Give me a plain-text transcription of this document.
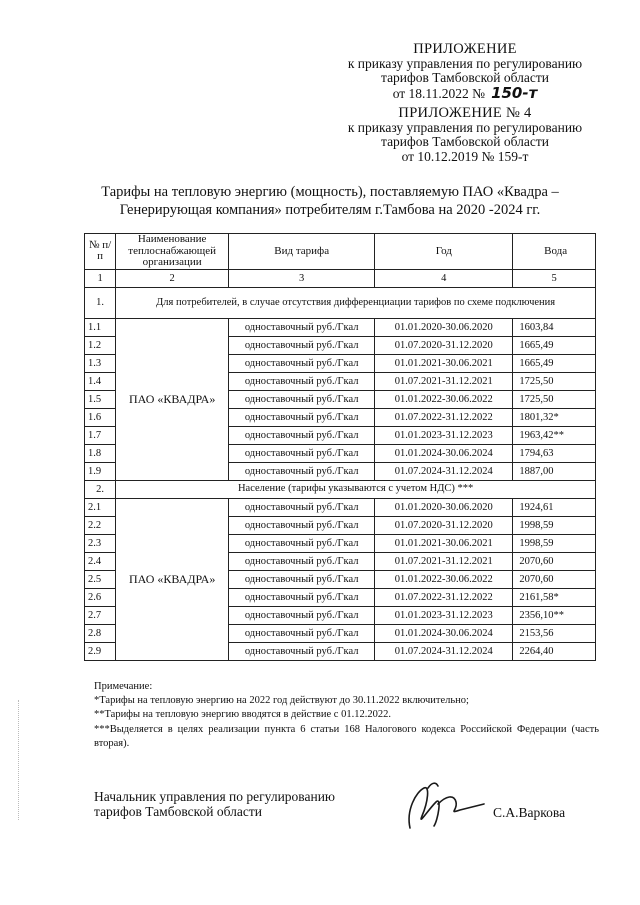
ПРИЛОЖЕНИЕ
к приказу управления по регулированию
тарифов Тамбовской области
от 18.11.2022 № 150-т
ПРИЛОЖЕНИЕ № 4
к приказу управления по регулированию
тарифов Тамбовской области
от 10.12.2019 № 159-т
Тарифы на тепловую энергию (мощность), поставляемую ПАО «Квадра –
Генерирующая компания» потребителям г.Тамбова на 2020 -2024 гг.
№ п/п	Наименование теплоснабжающей организации	Вид тарифа	Год	Вода
1	2	3	4	5
1.	Для потребителей, в случае отсутствия дифференциации тарифов по схеме подключения			
1.1	ПАО «КВАДРА»	одноставочный руб./Гкал	01.01.2020-30.06.2020	1603,84
1.2		одноставочный руб./Гкал	01.07.2020-31.12.2020	1665,49
1.3		одноставочный руб./Гкал	01.01.2021-30.06.2021	1665,49
1.4		одноставочный руб./Гкал	01.07.2021-31.12.2021	1725,50
1.5		одноставочный руб./Гкал	01.01.2022-30.06.2022	1725,50
1.6		одноставочный руб./Гкал	01.07.2022-31.12.2022	1801,32*
1.7		одноставочный руб./Гкал	01.01.2023-31.12.2023	1963,42**
1.8		одноставочный руб./Гкал	01.01.2024-30.06.2024	1794,63
1.9		одноставочный руб./Гкал	01.07.2024-31.12.2024	1887,00
2.	Население (тарифы указываются с учетом НДС) ***			
2.1	ПАО «КВАДРА»	одноставочный руб./Гкал	01.01.2020-30.06.2020	1924,61
2.2		одноставочный руб./Гкал	01.07.2020-31.12.2020	1998,59
2.3		одноставочный руб./Гкал	01.01.2021-30.06.2021	1998,59
2.4		одноставочный руб./Гкал	01.07.2021-31.12.2021	2070,60
2.5		одноставочный руб./Гкал	01.01.2022-30.06.2022	2070,60
2.6		одноставочный руб./Гкал	01.07.2022-31.12.2022	2161,58*
2.7		одноставочный руб./Гкал	01.01.2023-31.12.2023	2356,10**
2.8		одноставочный руб./Гкал	01.01.2024-30.06.2024	2153,56
2.9		одноставочный руб./Гкал	01.07.2024-31.12.2024	2264,40
Примечание:
*Тарифы на тепловую энергию на 2022 год действуют до 30.11.2022 включительно;
**Тарифы на тепловую энергию вводятся в действие с 01.12.2022.
***Выделяется в целях реализации пункта 6 статьи 168 Налогового кодекса Российской Федерации (часть вторая).
Начальник управления по регулированию
тарифов Тамбовской области	С.А.Варкова
